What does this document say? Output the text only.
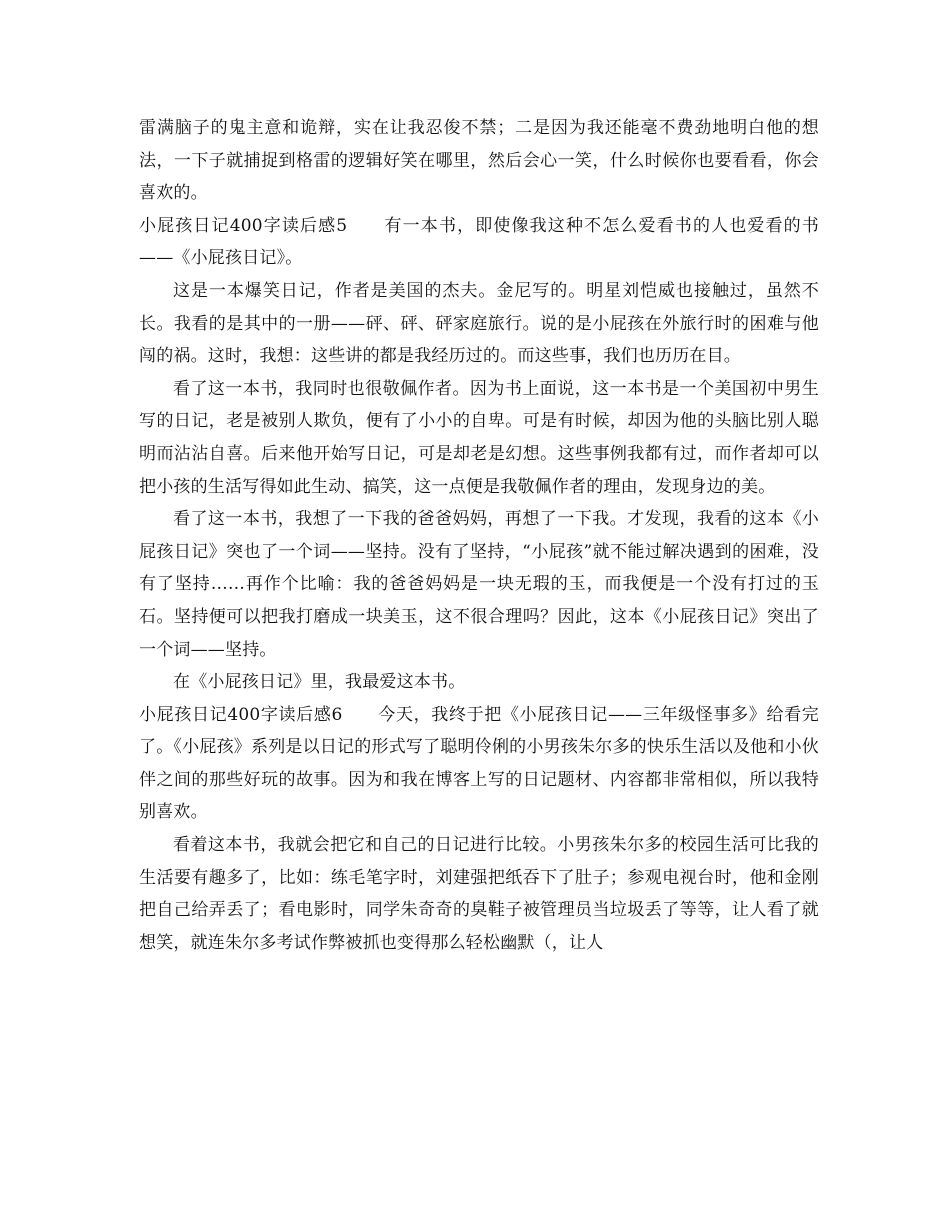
雷满脑子的鬼主意和诡辩，实在让我忍俊不禁；二是因为我还能毫不费劲地明白他的想法，一下子就捕捉到格雷的逻辑好笑在哪里，然后会心一笑，什么时候你也要看看，你会喜欢的。

小屁孩日记400字读后感5　　有一本书，即使像我这种不怎么爱看书的人也爱看的书——《小屁孩日记》。

这是一本爆笑日记，作者是美国的杰夫。金尼写的。明星刘恺威也接触过，虽然不长。我看的是其中的一册——砰、砰、砰家庭旅行。说的是小屁孩在外旅行时的困难与他闯的祸。这时，我想：这些讲的都是我经历过的。而这些事，我们也历历在目。

看了这一本书，我同时也很敬佩作者。因为书上面说，这一本书是一个美国初中男生写的日记，老是被别人欺负，便有了小小的自卑。可是有时候，却因为他的头脑比别人聪明而沾沾自喜。后来他开始写日记，可是却老是幻想。这些事例我都有过，而作者却可以把小孩的生活写得如此生动、搞笑，这一点便是我敬佩作者的理由，发现身边的美。

看了这一本书，我想了一下我的爸爸妈妈，再想了一下我。才发现，我看的这本《小屁孩日记》突也了一个词——坚持。没有了坚持，“小屁孩”就不能过解决遇到的困难，没有了坚持……再作个比喻：我的爸爸妈妈是一块无瑕的玉，而我便是一个没有打过的玉石。坚持便可以把我打磨成一块美玉，这不很合理吗？因此，这本《小屁孩日记》突出了一个词——坚持。

在《小屁孩日记》里，我最爱这本书。

小屁孩日记400字读后感6　　今天，我终于把《小屁孩日记——三年级怪事多》给看完了。《小屁孩》系列是以日记的形式写了聪明伶俐的小男孩朱尔多的快乐生活以及他和小伙伴之间的那些好玩的故事。因为和我在博客上写的日记题材、内容都非常相似，所以我特别喜欢。

看着这本书，我就会把它和自己的日记进行比较。小男孩朱尔多的校园生活可比我的生活要有趣多了，比如：练毛笔字时，刘建强把纸吞下了肚子；参观电视台时，他和金刚把自己给弄丢了；看电影时，同学朱奇奇的臭鞋子被管理员当垃圾丢了等等，让人看了就想笑，就连朱尔多考试作弊被抓也变得那么轻松幽默（，让人
